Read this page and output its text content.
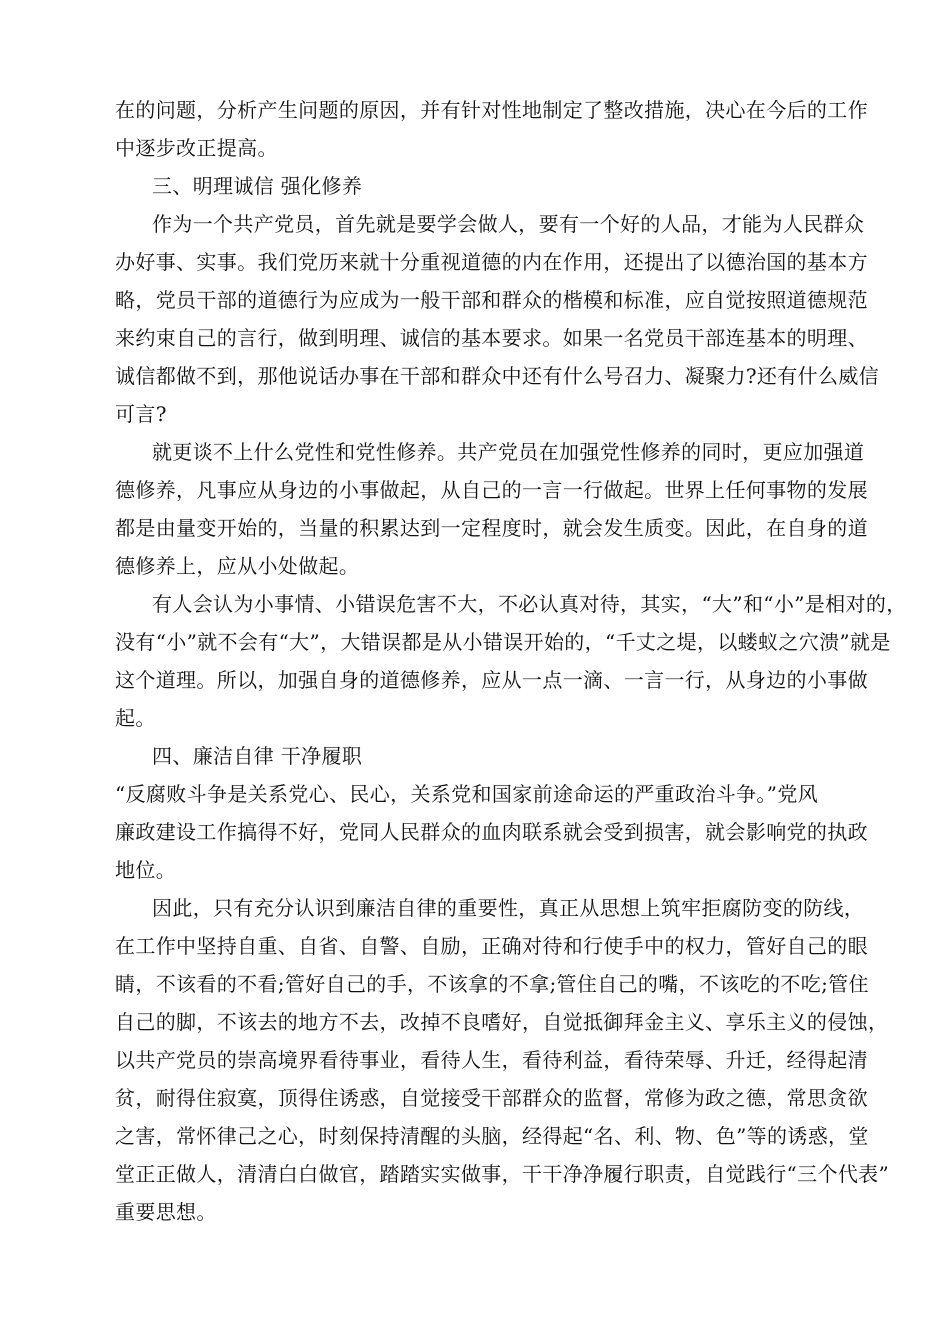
在的问题，分析产生问题的原因，并有针对性地制定了整改措施，决心在今后的工作

中逐步改正提高。

三、明理诚信 强化修养

作为一个共产党员，首先就是要学会做人，要有一个好的人品，才能为人民群众

办好事、实事。我们党历来就十分重视道德的内在作用，还提出了以德治国的基本方

略，党员干部的道德行为应成为一般干部和群众的楷模和标准，应自觉按照道德规范

来约束自己的言行，做到明理、诚信的基本要求。如果一名党员干部连基本的明理、

诚信都做不到，那他说话办事在干部和群众中还有什么号召力、凝聚力?还有什么威信

可言?

就更谈不上什么党性和党性修养。共产党员在加强党性修养的同时，更应加强道

德修养，凡事应从身边的小事做起，从自己的一言一行做起。世界上任何事物的发展

都是由量变开始的，当量的积累达到一定程度时，就会发生质变。因此，在自身的道

德修养上，应从小处做起。

有人会认为小事情、小错误危害不大，不必认真对待，其实，“大”和“小”是相对的，

没有“小”就不会有“大”，大错误都是从小错误开始的，“千丈之堤，以蝼蚁之穴溃”就是

这个道理。所以，加强自身的道德修养，应从一点一滴、一言一行，从身边的小事做

起。

四、廉洁自律 干净履职

“反腐败斗争是关系党心、民心，关系党和国家前途命运的严重政治斗争。”党风

廉政建设工作搞得不好，党同人民群众的血肉联系就会受到损害，就会影响党的执政

地位。

因此，只有充分认识到廉洁自律的重要性，真正从思想上筑牢拒腐防变的防线，

在工作中坚持自重、自省、自警、自励，正确对待和行使手中的权力，管好自己的眼

睛，不该看的不看;管好自己的手，不该拿的不拿;管住自己的嘴，不该吃的不吃;管住

自己的脚，不该去的地方不去，改掉不良嗜好，自觉抵御拜金主义、享乐主义的侵蚀，

以共产党员的崇高境界看待事业，看待人生，看待利益，看待荣辱、升迁，经得起清

贫，耐得住寂寞，顶得住诱惑，自觉接受干部群众的监督，常修为政之德，常思贪欲

之害，常怀律己之心，时刻保持清醒的头脑，经得起“名、利、物、色”等的诱惑，堂

堂正正做人，清清白白做官，踏踏实实做事，干干净净履行职责，自觉践行“三个代表”

重要思想。
